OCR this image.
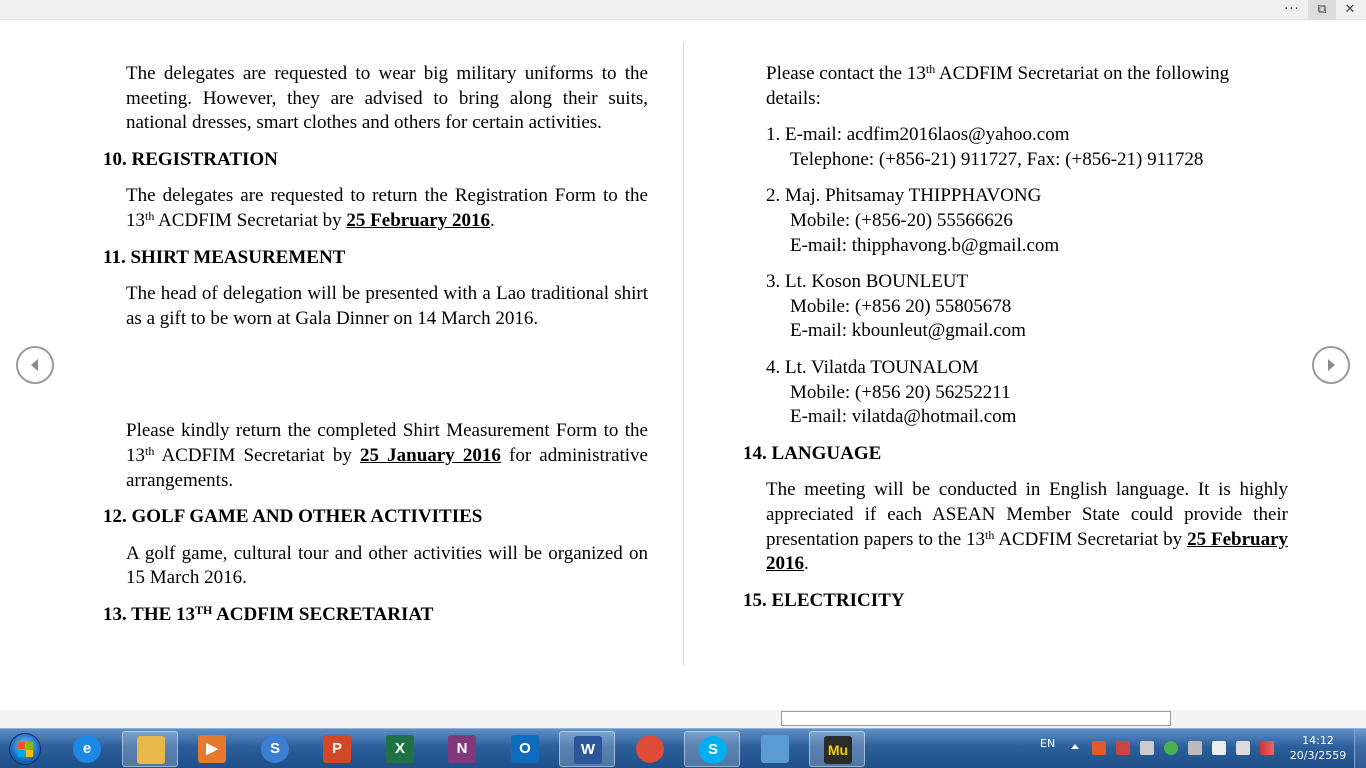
···	⧉	✕

The delegates are requested to wear big military uniforms to the meeting. However, they are advised to bring along their suits, national dresses, smart clothes and others for certain activities.

10. REGISTRATION

The delegates are requested to return the Registration Form to the 13th ACDFIM Secretariat by 25 February 2016.

11. SHIRT MEASUREMENT

The head of delegation will be presented with a Lao traditional shirt as a gift to be worn at Gala Dinner on 14 March 2016.

Please kindly return the completed Shirt Measurement Form to the 13th ACDFIM Secretariat by 25 January 2016 for administrative arrangements.

12. GOLF GAME AND OTHER ACTIVITIES

A golf game, cultural tour and other activities will be organized on 15 March 2016.

13. THE 13TH ACDFIM SECRETARIAT

Please contact the 13th ACDFIM Secretariat on the following details:

1. E-mail: acdfim2016laos@yahoo.com
Telephone: (+856-21) 911727, Fax: (+856-21) 911728
2. Maj. Phitsamay THIPPHAVONG
Mobile: (+856-20) 55566626
E-mail: thipphavong.b@gmail.com
3. Lt. Koson BOUNLEUT
Mobile: (+856 20) 55805678
E-mail: kbounleut@gmail.com
4. Lt. Vilatda TOUNALOM
Mobile: (+856 20) 56252211
E-mail: vilatda@hotmail.com
14. LANGUAGE

The meeting will be conducted in English language. It is highly appreciated if each ASEAN Member State could provide their presentation papers to the 13th ACDFIM Secretariat by 25 February 2016.

15. ELECTRICITY
e	▶	S	P	X	N	O	W	S	Mu	EN	14:12
20/3/2559
